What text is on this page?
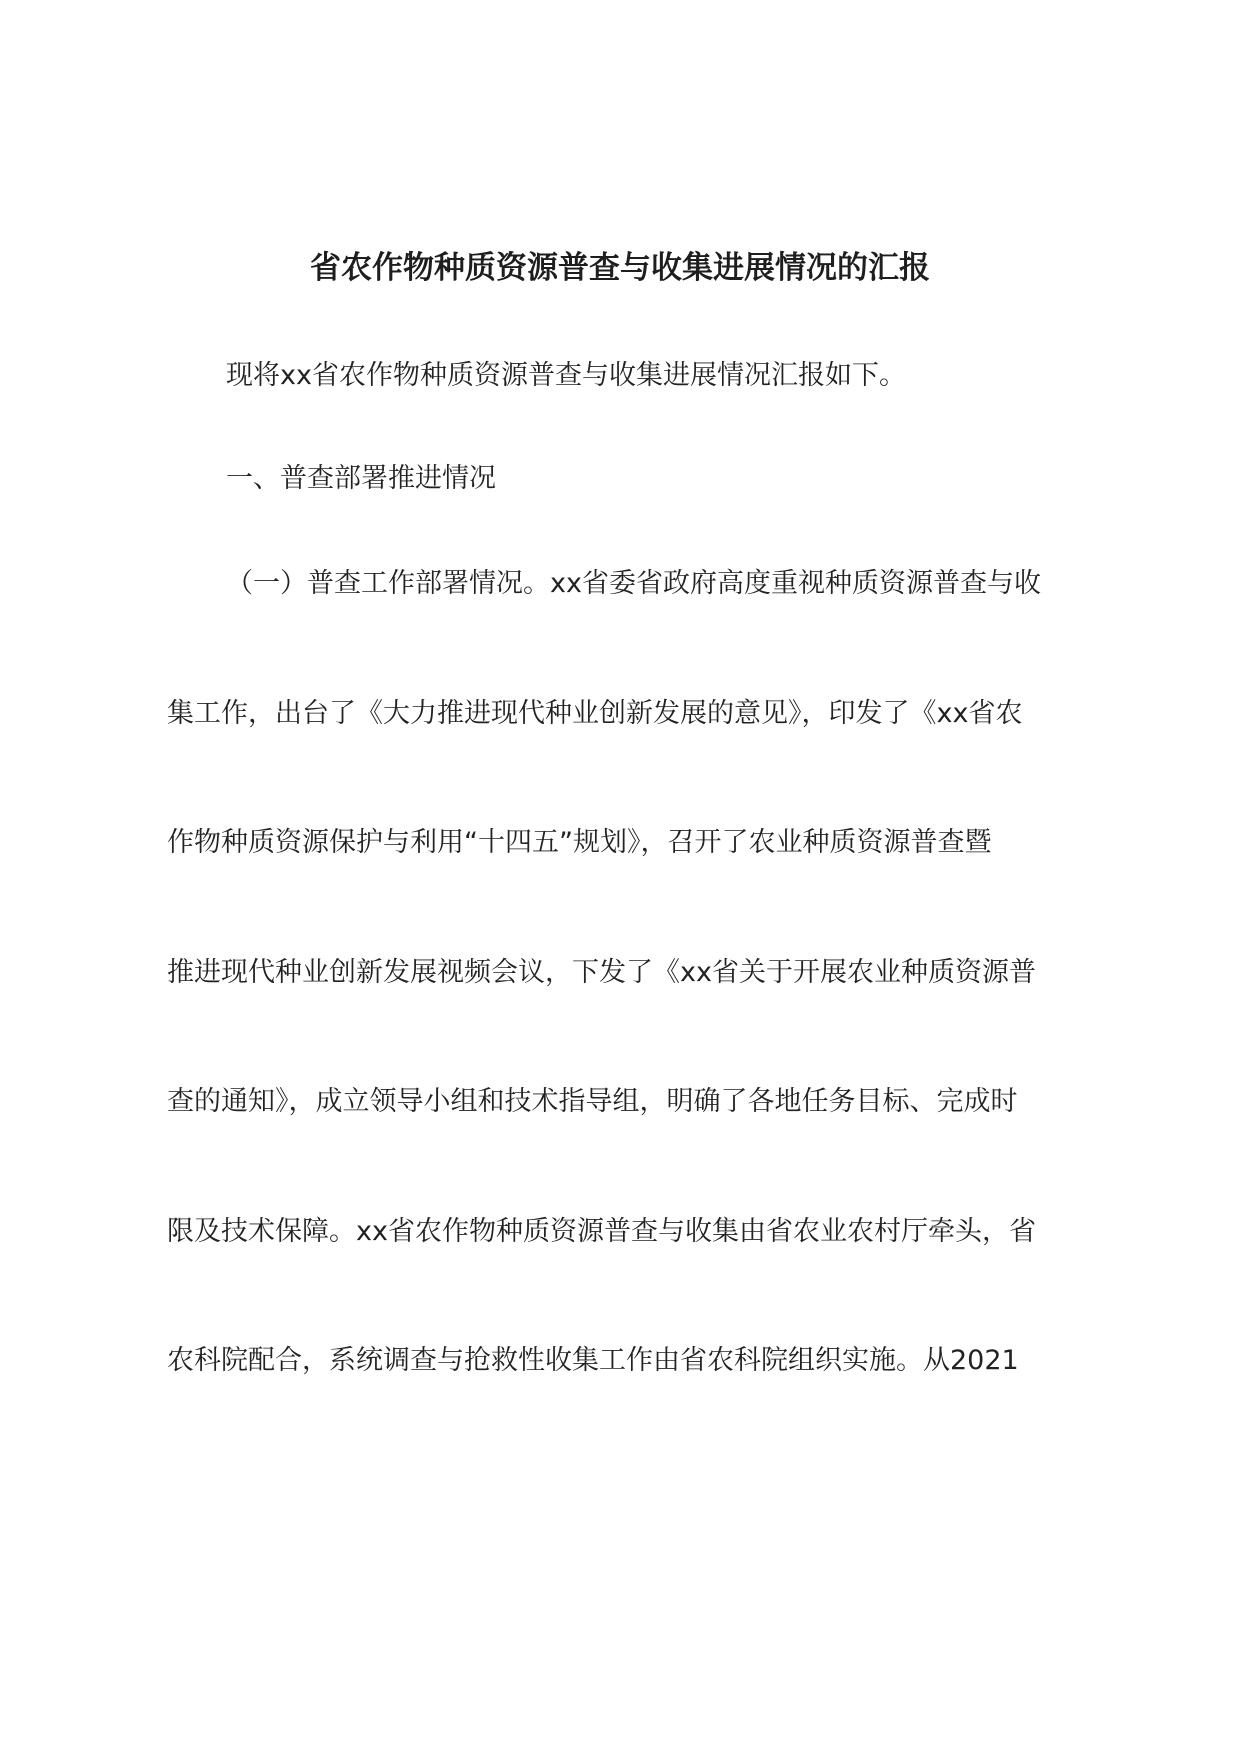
省农作物种质资源普查与收集进展情况的汇报

现将xx省农作物种质资源普查与收集进展情况汇报如下。

一、普查部署推进情况

（一）普查工作部署情况。xx省委省政府高度重视种质资源普查与收

集工作，出台了《大力推进现代种业创新发展的意见》，印发了《xx省农

作物种质资源保护与利用“十四五”规划》，召开了农业种质资源普查暨

推进现代种业创新发展视频会议，下发了《xx省关于开展农业种质资源普

查的通知》，成立领导小组和技术指导组，明确了各地任务目标、完成时

限及技术保障。xx省农作物种质资源普查与收集由省农业农村厅牵头，省

农科院配合，系统调查与抢救性收集工作由省农科院组织实施。从2021
